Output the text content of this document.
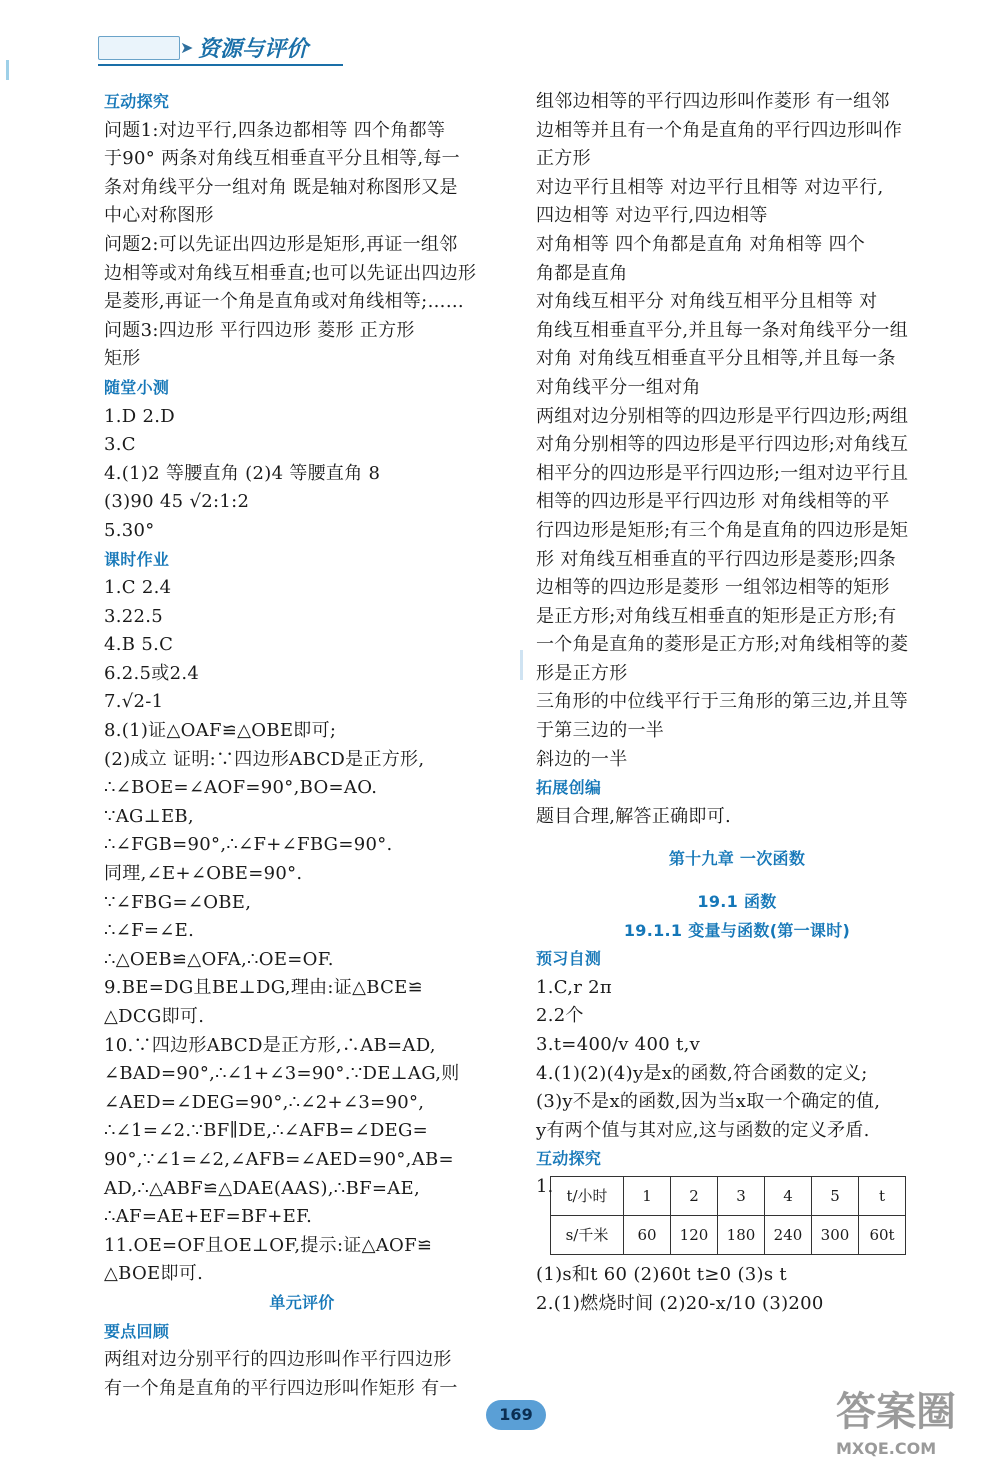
➤ 资源与评价
互动探究
问题1:对边平行,四条边都相等 四个角都等
于90° 两条对角线互相垂直平分且相等,每一
条对角线平分一组对角 既是轴对称图形又是
中心对称图形
问题2:可以先证出四边形是矩形,再证一组邻
边相等或对角线互相垂直;也可以先证出四边形
是菱形,再证一个角是直角或对角线相等;……
问题3:四边形 平行四边形 菱形 正方形
矩形
随堂小测
1.D 2.D
3.C
4.(1)2 等腰直角 (2)4 等腰直角 8
(3)90 45 √2:1:2
5.30°
课时作业
1.C 2.4
3.22.5
4.B 5.C
6.2.5或2.4
7.√2-1
8.(1)证△OAF≌△OBE即可;
(2)成立 证明:∵四边形ABCD是正方形,
∴∠BOE=∠AOF=90°,BO=AO.
∵AG⊥EB,
∴∠FGB=90°,∴∠F+∠FBG=90°.
同理,∠E+∠OBE=90°.
∵∠FBG=∠OBE,
∴∠F=∠E.
∴△OEB≌△OFA,∴OE=OF.
9.BE=DG且BE⊥DG,理由:证△BCE≌
△DCG即可.
10.∵四边形ABCD是正方形,∴AB=AD,
∠BAD=90°,∴∠1+∠3=90°.∵DE⊥AG,则
∠AED=∠DEG=90°,∴∠2+∠3=90°,
∴∠1=∠2.∵BF∥DE,∴∠AFB=∠DEG=
90°,∵∠1=∠2,∠AFB=∠AED=90°,AB=
AD,∴△ABF≌△DAE(AAS),∴BF=AE,
∴AF=AE+EF=BF+EF.
11.OE=OF且OE⊥OF,提示:证△AOF≌
△BOE即可.
单元评价
要点回顾
两组对边分别平行的四边形叫作平行四边形
有一个角是直角的平行四边形叫作矩形 有一
组邻边相等的平行四边形叫作菱形 有一组邻
边相等并且有一个角是直角的平行四边形叫作
正方形
对边平行且相等 对边平行且相等 对边平行,
四边相等 对边平行,四边相等
对角相等 四个角都是直角 对角相等 四个
角都是直角
对角线互相平分 对角线互相平分且相等 对
角线互相垂直平分,并且每一条对角线平分一组
对角 对角线互相垂直平分且相等,并且每一条
对角线平分一组对角
两组对边分别相等的四边形是平行四边形;两组
对角分别相等的四边形是平行四边形;对角线互
相平分的四边形是平行四边形;一组对边平行且
相等的四边形是平行四边形 对角线相等的平
行四边形是矩形;有三个角是直角的四边形是矩
形 对角线互相垂直的平行四边形是菱形;四条
边相等的四边形是菱形 一组邻边相等的矩形
是正方形;对角线互相垂直的矩形是正方形;有
一个角是直角的菱形是正方形;对角线相等的菱
形是正方形
三角形的中位线平行于三角形的第三边,并且等
于第三边的一半
斜边的一半
拓展创编
题目合理,解答正确即可.
第十九章 一次函数
19.1 函数
19.1.1 变量与函数(第一课时)
预习自测
1.C,r 2π
2.2个
3.t=400/v 400 t,v
4.(1)(2)(4)y是x的函数,符合函数的定义;
(3)y不是x的函数,因为当x取一个确定的值,
y有两个值与其对应,这与函数的定义矛盾.
互动探究
1. t/小时	1	2	3	4	5	t
s/千米	60	120	180	240	300	60t
(1)s和t 60 (2)60t t≥0 (3)s t
2.(1)燃烧时间 (2)20-x/10 (3)200
169	答案圈
MXQE.COM
